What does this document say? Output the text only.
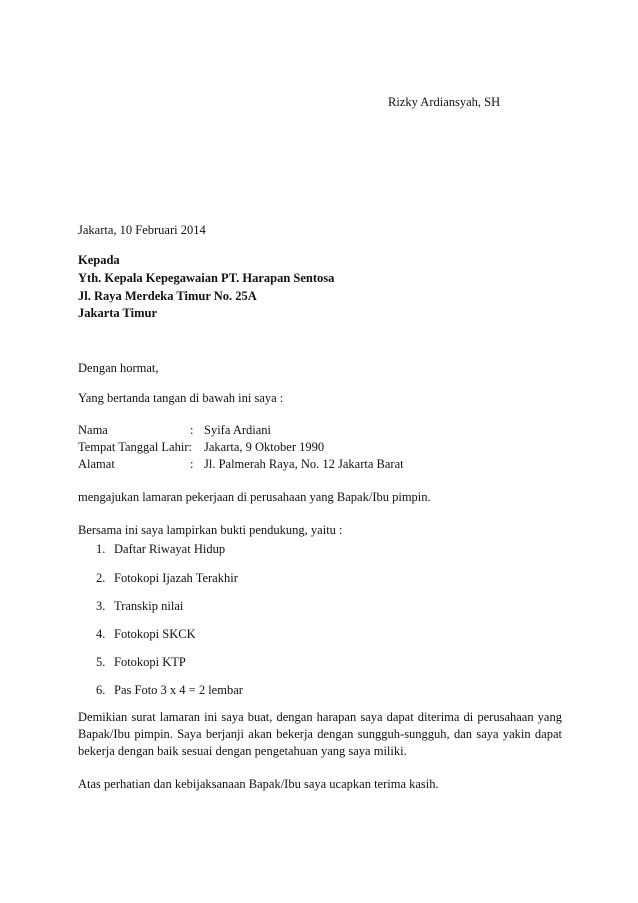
Rizky Ardiansyah, SH
Jakarta, 10 Februari 2014
Kepada
Yth. Kepala Kepegawaian PT. Harapan Sentosa
Jl. Raya Merdeka Timur No. 25A
Jakarta Timur
Dengan hormat,
Yang bertanda tangan di bawah ini saya :
Nama	: Syifa Ardiani
Tempat Tanggal Lahir: Jakarta, 9 Oktober 1990
Alamat	: Jl. Palmerah Raya, No. 12 Jakarta Barat
mengajukan lamaran pekerjaan di perusahaan yang Bapak/Ibu pimpin.
Bersama ini saya lampirkan bukti pendukung, yaitu :
1. Daftar Riwayat Hidup
2. Fotokopi Ijazah Terakhir
3. Transkip nilai
4. Fotokopi SKCK
5. Fotokopi KTP
6. Pas Foto 3 x 4 = 2 lembar
Demikian surat lamaran ini saya buat, dengan harapan saya dapat diterima di perusahaan yang Bapak/Ibu pimpin. Saya berjanji akan bekerja dengan sungguh-sungguh, dan saya yakin dapat bekerja dengan baik sesuai dengan pengetahuan yang saya miliki.
Atas perhatian dan kebijaksanaan Bapak/Ibu saya ucapkan terima kasih.
